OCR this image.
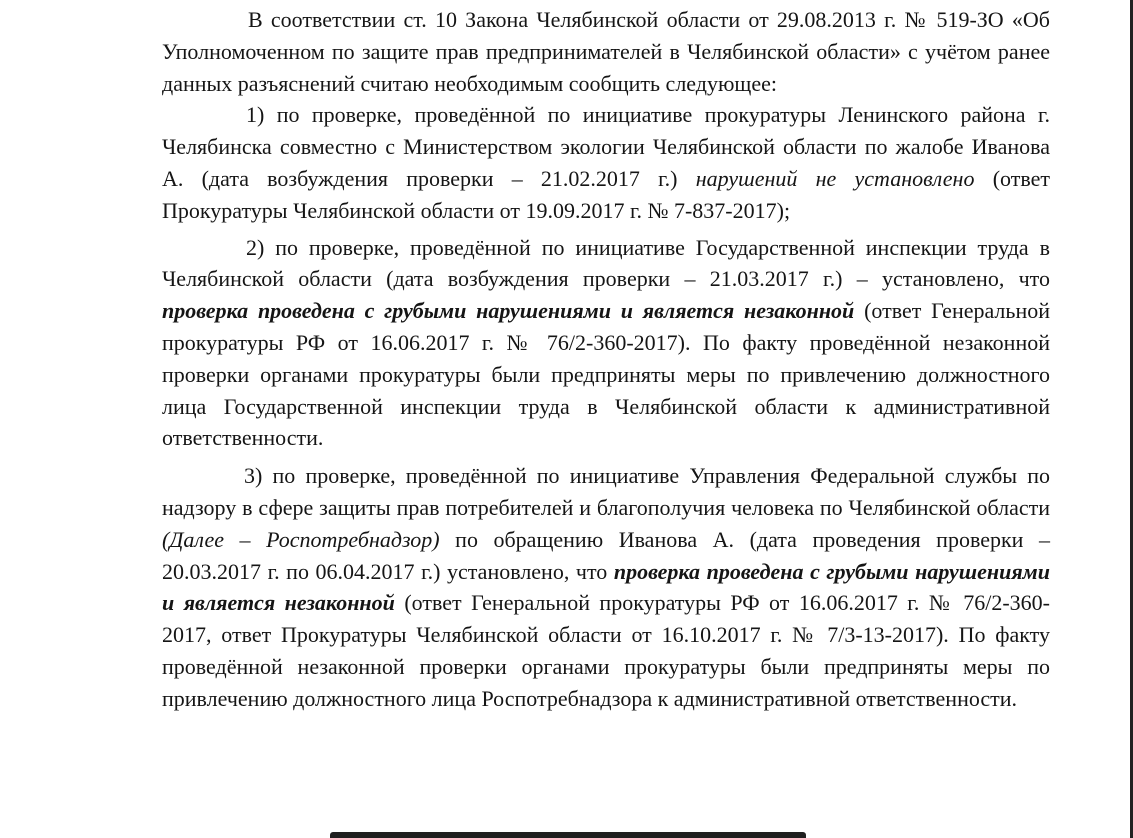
В соответствии ст. 10 Закона Челябинской области от 29.08.2013 г. № 519-ЗО «Об Уполномоченном по защите прав предпринимателей в Челябинской области» с учётом ранее данных разъяснений считаю необходимым сообщить следующее:

1) по проверке, проведённой по инициативе прокуратуры Ленинского района г. Челябинска совместно с Министерством экологии Челябинской области по жалобе Иванова А. (дата возбуждения проверки – 21.02.2017 г.) нарушений не установлено (ответ Прокуратуры Челябинской области от 19.09.2017 г. № 7-837-2017);

2) по проверке, проведённой по инициативе Государственной инспекции труда в Челябинской области (дата возбуждения проверки – 21.03.2017 г.) – установлено, что проверка проведена с грубыми нарушениями и является незаконной (ответ Генеральной прокуратуры РФ от 16.06.2017 г. № 76/2-360-2017). По факту проведённой незаконной проверки органами прокуратуры были предприняты меры по привлечению должностного лица Государственной инспекции труда в Челябинской области к административной ответственности.

3) по проверке, проведённой по инициативе Управления Федеральной службы по надзору в сфере защиты прав потребителей и благополучия человека по Челябинской области (Далее – Роспотребнадзор) по обращению Иванова А. (дата проведения проверки – 20.03.2017 г. по 06.04.2017 г.) установлено, что проверка проведена с грубыми нарушениями и является незаконной (ответ Генеральной прокуратуры РФ от 16.06.2017 г. № 76/2-360-2017, ответ Прокуратуры Челябинской области от 16.10.2017 г. № 7/3-13-2017). По факту проведённой незаконной проверки органами прокуратуры были предприняты меры по привлечению должностного лица Роспотребнадзора к административной ответственности.
